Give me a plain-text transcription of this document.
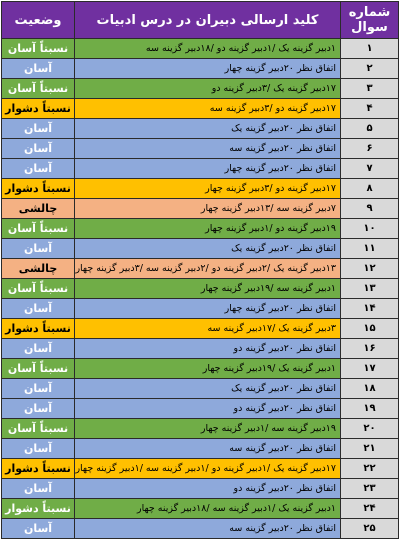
شماره سوال	کلید ارسالی دبیران در درس ادبیات	وضعیت
۱	۱دبیر گزینه یک /۱دبیر گزینه دو /۱۸دبیر گزینه سه	نسبتاً آسان
۲	اتفاق نظر ۲۰دبیر گزینه چهار	آسان
۳	۱۷دبیر گزینه یک /۳دبیر گزینه دو	نسبتاً آسان
۴	۱۷دبیر گزینه دو /۳دبیر گزینه سه	نسبتاً دشوار
۵	اتفاق نظر ۲۰دبیر گزینه یک	آسان
۶	اتفاق نظر ۲۰دبیر گزینه سه	آسان
۷	اتفاق نظر ۲۰دبیر گزینه چهار	آسان
۸	۱۷دبیر گزینه دو /۳دبیر گزینه چهار	نسبتاً دشوار
۹	۷دبیر گزینه سه /۱۳دبیر گزینه چهار	چالشی
۱۰	۱۹دبیر گزینه دو /۱دبیر گزینه چهار	نسبتاً آسان
۱۱	اتفاق نظر ۲۰دبیر گزینه یک	آسان
۱۲	۱۳دبیر گزینه یک /۲دبیر گزینه دو /۲دبیر گزینه سه /۳دبیر گزینه چهار	چالشی
۱۳	۱دبیر گزینه سه /۱۹دبیر گزینه چهار	نسبتاً آسان
۱۴	اتفاق نظر ۲۰دبیر گزینه چهار	آسان
۱۵	۳دبیر گزینه یک /۱۷دبیر گزینه سه	نسبتاً دشوار
۱۶	اتفاق نظر ۲۰دبیر گزینه دو	آسان
۱۷	۱دبیر گزینه یک /۱۹دبیر گزینه چهار	نسبتاً آسان
۱۸	اتفاق نظر ۲۰دبیر گزینه یک	آسان
۱۹	اتفاق نظر ۲۰دبیر گزینه دو	آسان
۲۰	۱۹دبیر گزینه سه /۱دبیر گزینه چهار	نسبتاً آسان
۲۱	اتفاق نظر ۲۰دبیر گزینه سه	آسان
۲۲	۱۷دبیر گزینه یک /۱دبیر گزینه دو /۱دبیر گزینه سه /۱دبیر گزینه چهار	نسبتاً دشوار
۲۳	اتفاق نظر ۲۰دبیر گزینه دو	آسان
۲۴	۱دبیر گزینه یک /۱دبیر گزینه سه /۱۸دبیر گزینه چهار	نسبتاً دشوار
۲۵	اتفاق نظر ۲۰دبیر گزینه سه	آسان
